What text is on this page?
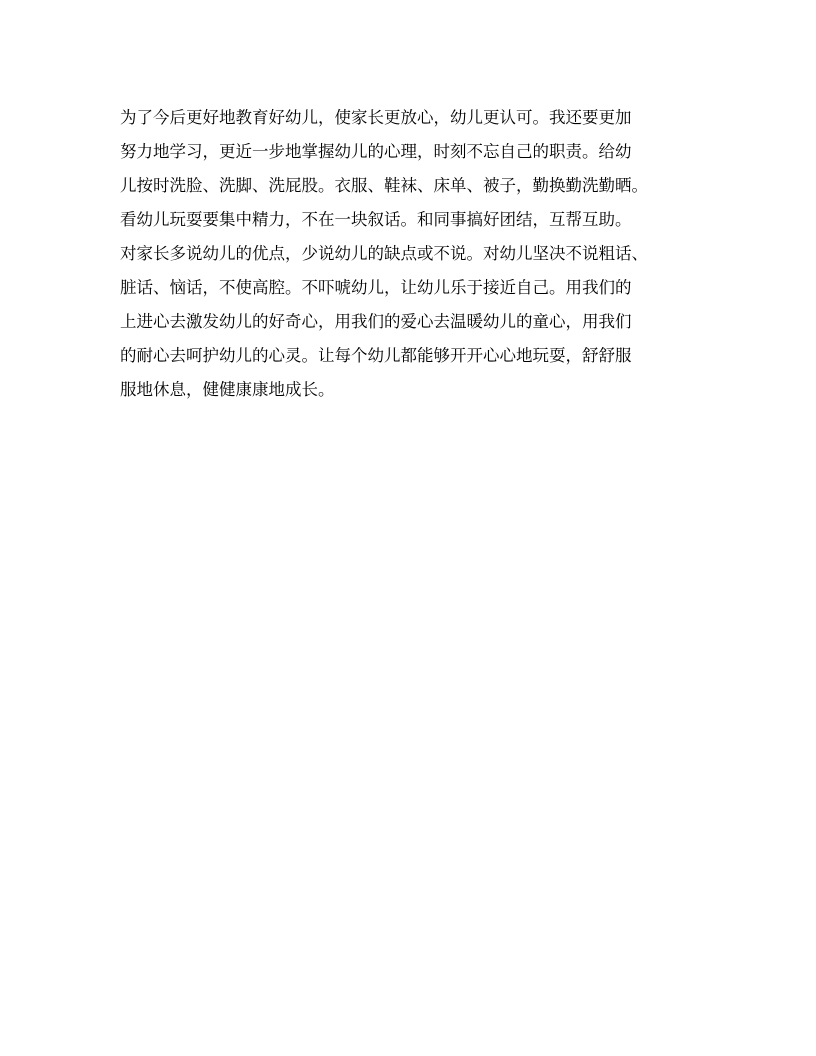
为了今后更好地教育好幼儿，使家长更放心，幼儿更认可。我还要更加
努力地学习，更近一步地掌握幼儿的心理，时刻不忘自己的职责。给幼
儿按时洗脸、洗脚、洗屁股。衣服、鞋袜、床单、被子，勤换勤洗勤晒。
看幼儿玩耍要集中精力，不在一块叙话。和同事搞好团结，互帮互助。
对家长多说幼儿的优点，少说幼儿的缺点或不说。对幼儿坚决不说粗话、
脏话、恼话，不使高腔。不吓唬幼儿，让幼儿乐于接近自己。用我们的
上进心去激发幼儿的好奇心，用我们的爱心去温暖幼儿的童心，用我们
的耐心去呵护幼儿的心灵。让每个幼儿都能够开开心心地玩耍，舒舒服
服地休息，健健康康地成长。
